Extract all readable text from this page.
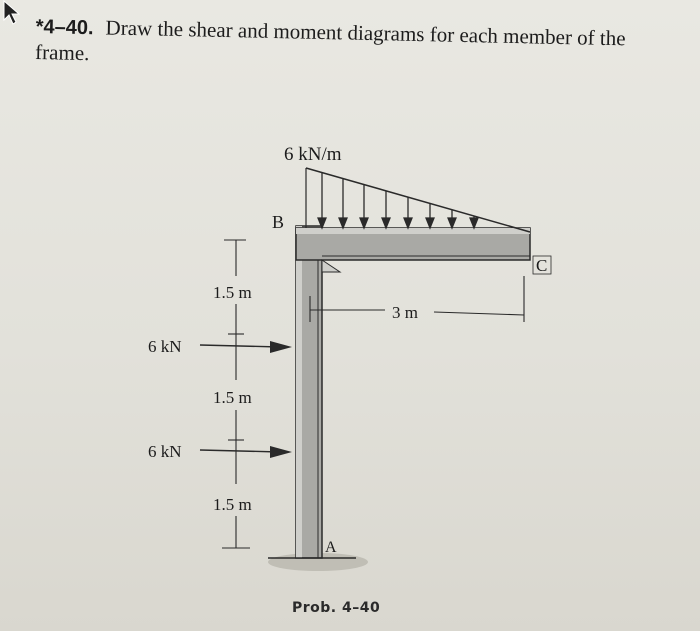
*4–40. Draw the shear and moment diagrams for each member of the frame.
6 kN/m
B
C
A
3 m
1.5 m
1.5 m
1.5 m
6 kN
6 kN
Prob. 4–40
